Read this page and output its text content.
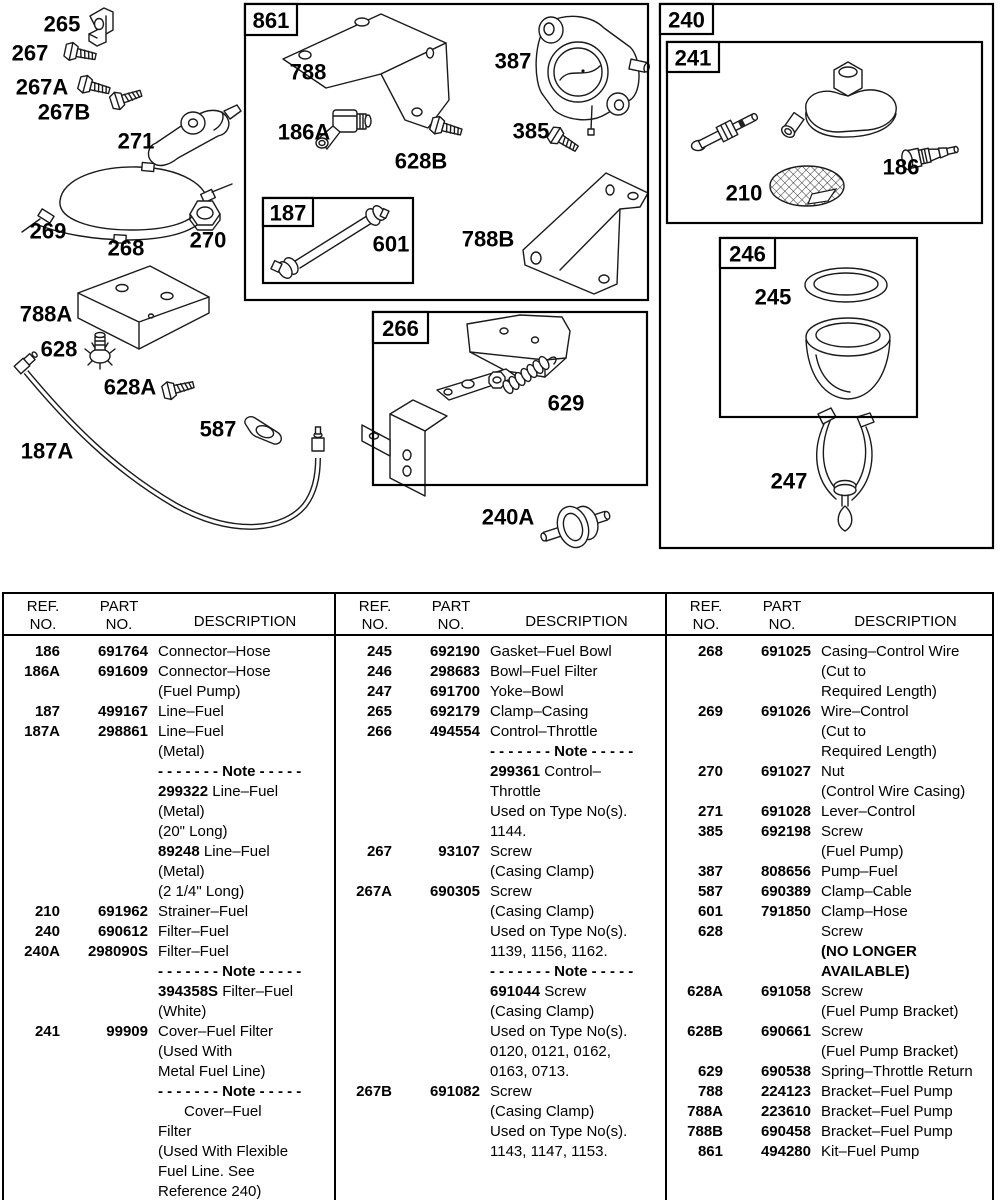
861
187
266
240
241
246
265
267
267A
267B
271
269
268 270
788A
628
628A
587
187A
788
186A
628B
387
385
788B
601
629
240A
210
186
245
247
REF.
NO.
PART
NO.	DESCRIPTION
186	691764 Connector–Hose
186A	691609 Connector–Hose
(Fuel Pump)
187	499167 Line–Fuel
187A	298861 Line–Fuel
(Metal)
- - - - - - - Note - - - - -
299322 Line–Fuel
(Metal)
(20" Long)
89248 Line–Fuel
(Metal)
(2 1/4" Long)
210	691962 Strainer–Fuel
240	690612 Filter–Fuel
240A	298090S Filter–Fuel
- - - - - - - Note - - - - -
394358S Filter–Fuel
(White)
241	99909 Cover–Fuel Filter
(Used With
Metal Fuel Line)
- - - - - - - Note - - - - -
Cover–Fuel
Filter
(Used With Flexible
Fuel Line. See
Reference 240)
REF.
NO.
PART
NO.	DESCRIPTION
245	692190 Gasket–Fuel Bowl
246	298683 Bowl–Fuel Filter
247	691700 Yoke–Bowl
265	692179 Clamp–Casing
266	494554 Control–Throttle
- - - - - - - Note - - - - -
299361 Control–
Throttle
Used on Type No(s).
1144.
267	93107 Screw
(Casing Clamp)
267A	690305 Screw
(Casing Clamp)
Used on Type No(s).
1139, 1156, 1162.
- - - - - - - Note - - - - -
691044 Screw
(Casing Clamp)
Used on Type No(s).
0120, 0121, 0162,
0163, 0713.
267B	691082 Screw
(Casing Clamp)
Used on Type No(s).
1143, 1147, 1153.
REF.
NO.
PART
NO.	DESCRIPTION
268	691025 Casing–Control Wire
(Cut to
Required Length)
269	691026 Wire–Control
(Cut to
Required Length)
270	691027 Nut
(Control Wire Casing)
271	691028 Lever–Control
385	692198 Screw
(Fuel Pump)
387	808656 Pump–Fuel
587	690389 Clamp–Cable
601	791850 Clamp–Hose
628	Screw
(NO LONGER
AVAILABLE)
628A	691058 Screw
(Fuel Pump Bracket)
628B	690661 Screw
(Fuel Pump Bracket)
629	690538 Spring–Throttle Return
788	224123 Bracket–Fuel Pump
788A	223610 Bracket–Fuel Pump
788B	690458 Bracket–Fuel Pump
861	494280 Kit–Fuel Pump
